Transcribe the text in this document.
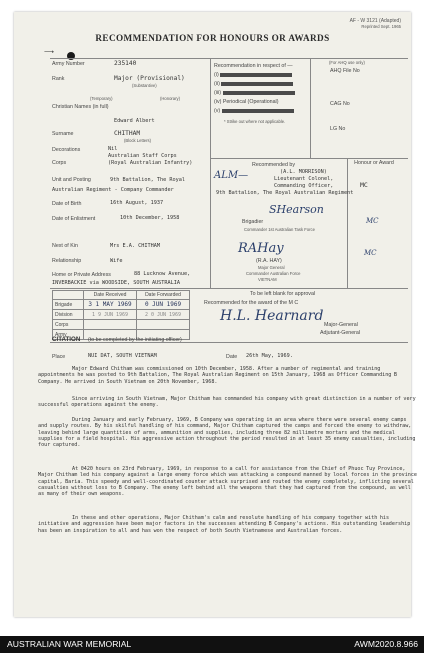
AF - W 3121 (Adapted)
Reprinted Sept. 1965
RECOMMENDATION FOR HONOURS OR AWARDS
⟶
Army Number	235140
Rank	Major (Provisional)
(Substantive)
(Temporary)	(Honorary)
Christian Names (in full)
Edward Albert
Surname	CHITHAM
(Block Letters)
Decorations	Nil
Australian Staff Corps
Corps	(Royal Australian Infantry)
Unit and Posting	9th Battalion, The Royal
Australian Regiment - Company Commander
Date of Birth	16th August, 1937
Date of Enlistment	10th December, 1958
Next of Kin	Mrs E.A. CHITHAM
Relationship	Wife
Home or Private Address	88 Lucknow Avenue,
INVERBACKIE via WOODSIDE, SOUTH AUSTRALIA
Recommendation in respect of —
(i)
(ii)
(iii)
(iv) Periodical (Operational)
(v)
* Strike out where not applicable.
(For AHQ use only)
AHQ File No
CAG No
LG No
Recommended by	Honour or Award
ALM—	(A.L. MORRISON)
Lieutenant Colonel,
Commanding Officer,
9th Battalion, The Royal Australian Regiment
MC
SHearson
Brigadier
Commander 1st Australian Task Force
MC
RAHay
(R.A. HAY)
Major General
Commander Australian Force
VIETNAM
MC
	Date Received	Date Forwarded
Brigade	3 1 MAY 1969	0 JUN 1969
Division	1 9 JUN 1969	2 0 JUN 1969
Corps		
Army		
To be left blank for approval
Recommended for the award of the M C
H.L. Hearnard
Major-General
Adjutant-General
CITATION (to be completed by the initiating officer)
Place	NUI DAT, SOUTH VIETNAM	Date 26th May, 1969.
Major Edward Chitham was commissioned on 10th December, 1958. After a number of regimental and training appointments he was posted to 9th Battalion, The Royal Australian Regiment on 15th January, 1968 as Officer Commanding B Company. He arrived in South Vietnam on 20th November, 1968.
Since arriving in South Vietnam, Major Chitham has commanded his company with great distinction in a number of very successful operations against the enemy.
During January and early February, 1969, B Company was operating in an area where there were several enemy camps and supply routes. By his skilful handling of his command, Major Chitham captured the camps and forced the enemy to withdraw, leaving behind large quantities of arms, ammunition and supplies, including three 82 millimetre mortars and the medical supplies for a field hospital. His aggressive action throughout the period resulted in at least 35 enemy casualties, including four captured.
At 0420 hours on 23rd February, 1969, in response to a call for assistance from the Chief of Phuoc Tuy Province, Major Chitham led his company against a large enemy force which was attacking a compound manned by local forces in the province capital, Baria. This speedy and well-coordinated counter attack surprised and routed the enemy completely, inflicting several casualties without loss to B Company. The enemy left behind all the weapons that they had captured from the compound, as well as many of their own weapons.
In these and other operations, Major Chitham's calm and resolute handling of his company together with his initiative and aggression have been major factors in the successes attending B Company's actions. His outstanding leadership has been an inspiration to all and has won the respect of both South Vietnamese and Australian forces.
AUSTRALIAN WAR MEMORIAL	AWM2020.8.966
